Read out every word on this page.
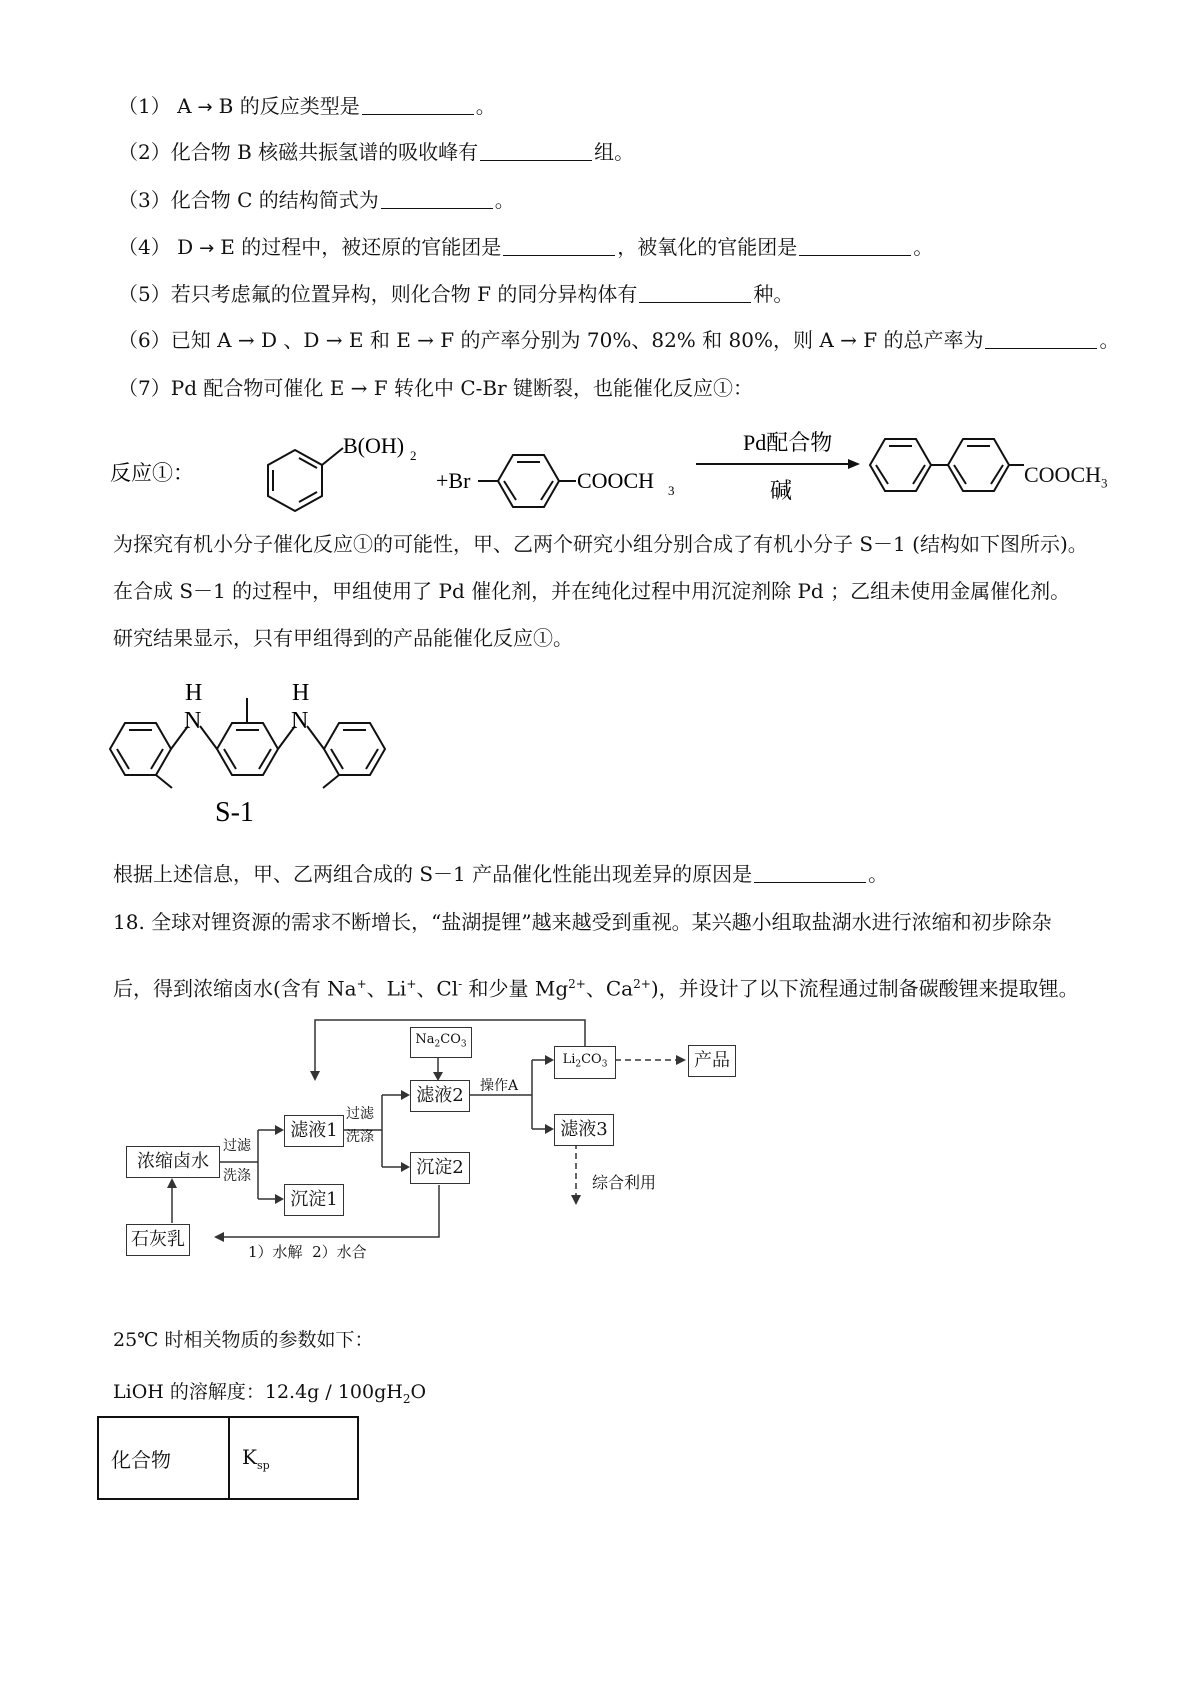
（1） A → B 的反应类型是	。
（2）化合物 B 核磁共振氢谱的吸收峰有	组。
（3）化合物 C 的结构简式为	。
（4） D → E 的过程中，被还原的官能团是	，被氧化的官能团是	。
（5）若只考虑氟的位置异构，则化合物 F 的同分异构体有	种。
（6）已知 A → D 、D → E 和 E → F 的产率分别为 70%、82% 和 80%，则 A → F 的总产率为	。
（7）Pd 配合物可催化 E → F 转化中 C-Br 键断裂，也能催化反应①：
反应①：
B(OH) 2
+Br	COOCH 3
Pd配合物
碱
$COOCH_3$
为探究有机小分子催化反应①的可能性，甲、乙两个研究小组分别合成了有机小分子 S－1 (结构如下图所示)。
在合成 S－1 的过程中，甲组使用了 Pd 催化剂，并在纯化过程中用沉淀剂除 Pd ；乙组未使用金属催化剂。
研究结果显示，只有甲组得到的产品能催化反应①。
H
N
H
N
S-1
根据上述信息，甲、乙两组合成的 S－1 产品催化性能出现差异的原因是	。
18. 全球对锂资源的需求不断增长，“盐湖提锂”越来越受到重视。某兴趣小组取盐湖水进行浓缩和初步除杂
后，得到浓缩卤水(含有 Na+、Li+、Cl- 和少量 $Mg^{2+}$、$Ca^{2+}$)，并设计了以下流程通过制备碳酸锂来提取锂。
浓缩卤水
石灰乳
滤液1
沉淀1
$Na_2CO_3$
滤液2
沉淀2
$Li_2CO_3$	产品
滤液3
综合利用
过滤
洗涤
过滤
洗涤
操作A
1）水解  2）水合
25℃ 时相关物质的参数如下：
LiOH 的溶解度：$12.4g / 100gH_2O$
化合物	$K_{sp}$
